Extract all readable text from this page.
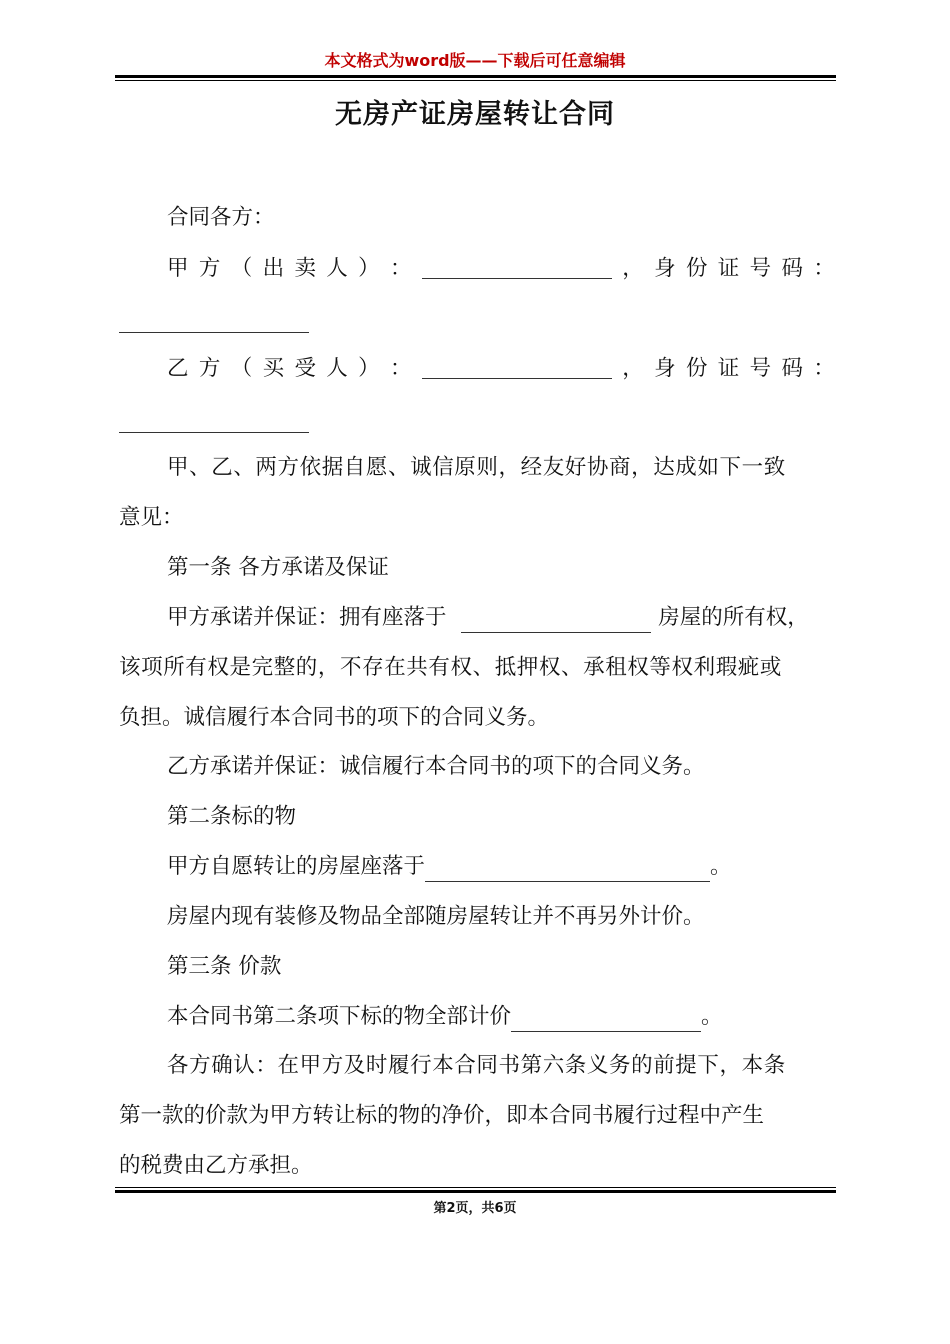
本文格式为word版——下载后可任意编辑
无房产证房屋转让合同
合同各方：
甲 方 （ 出 卖 人 ） ：	， 身 份 证 号 码 ：
乙 方 （ 买 受 人 ） ：	， 身 份 证 号 码 ：
甲、乙、两方依据自愿、诚信原则，经友好协商，达成如下一致
意见：
第一条 各方承诺及保证
甲方承诺并保证：拥有座落于	房屋的所有权，
该项所有权是完整的，不存在共有权、抵押权、承租权等权利瑕疵或
负担。诚信履行本合同书的项下的合同义务。
乙方承诺并保证：诚信履行本合同书的项下的合同义务。
第二条标的物
甲方自愿转让的房屋座落于	。
房屋内现有装修及物品全部随房屋转让并不再另外计价。
第三条 价款
本合同书第二条项下标的物全部计价	。
各方确认：在甲方及时履行本合同书第六条义务的前提下，本条
第一款的价款为甲方转让标的物的净价，即本合同书履行过程中产生
的税费由乙方承担。
第2页，共6页
